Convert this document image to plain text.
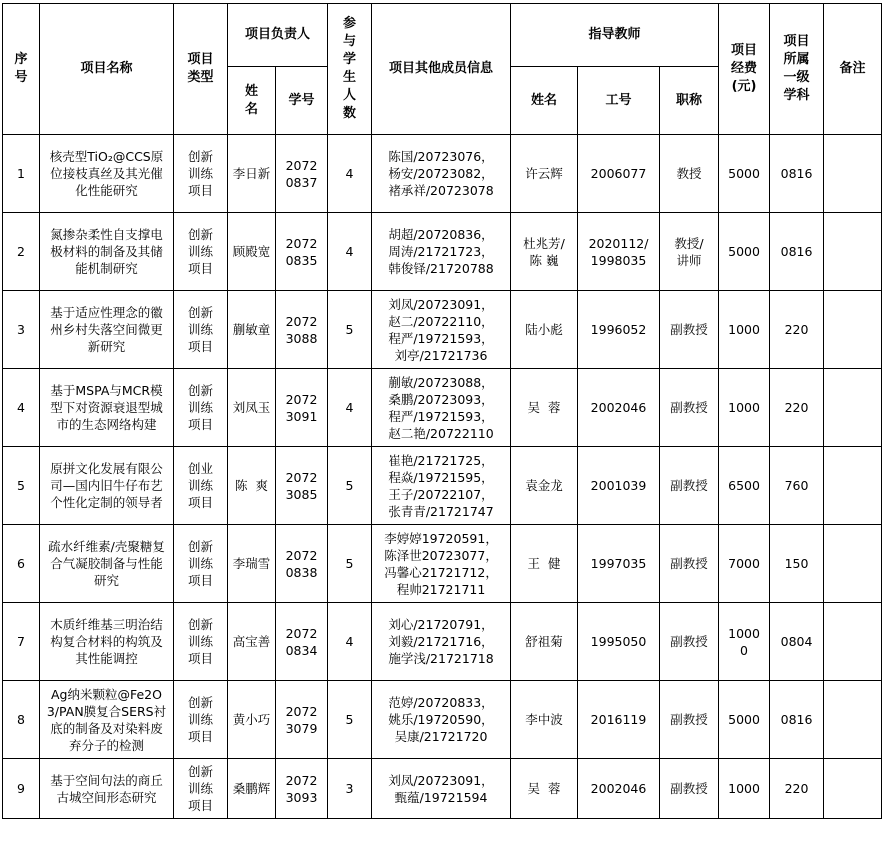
序号	项目名称	项目类型	项目负责人		参与学生人数	项目其他成员信息	指导教师			项目经费(元)	项目所属一级学科	备注
			姓名	学号			姓名	工号	职称			
1	核壳型TiO₂@CCS原位接枝真丝及其光催化性能研究	创新训练项目	李日新	20720837	4	陈国/20723076，
杨安/20723082，
褚承祥/20723078	许云辉	2006077	教授	5000	0816	
2	氮掺杂柔性自支撑电极材料的制备及其储能机制研究	创新训练项目	顾殿宽	20720835	4	胡超/20720836，
周涛/21721723，
韩俊铎/21720788	杜兆芳/陈 巍	2020112/1998035	教授/讲师	5000	0816	
3	基于适应性理念的徽州乡村失落空间微更新研究	创新训练项目	蒯敏童	20723088	5	刘凤/20723091，
赵二/20722110，
程严/19721593，
刘亭/21721736	陆小彪	1996052	副教授	1000	220	
4	基于MSPA与MCR模型下对资源衰退型城市的生态网络构建	创新训练项目	刘凤玉	20723091	4	蒯敏/20723088，
桑鹏/20723093，
程严/19721593，
赵二艳/20722110	吴  蓉	2002046	副教授	1000	220	
5	原拼文化发展有限公司—国内旧牛仔布艺个性化定制的领导者	创业训练项目	陈  爽	20723085	5	崔艳/21721725，
程焱/19721595，
王子/20722107，
张青青/21721747	袁金龙	2001039	副教授	6500	760	
6	疏水纤维素/壳聚糖复合气凝胶制备与性能研究	创新训练项目	李瑞雪	20720838	5	李婷婷19720591，
陈泽世20723077，
冯馨心21721712，
程帅21721711	王  健	1997035	副教授	7000	150	
7	木质纤维基三明治结构复合材料的构筑及其性能调控	创新训练项目	高宝善	20720834	4	刘心/21720791，
刘毅/21721716，
施学浅/21721718	舒祖菊	1995050	副教授	10000	0804	
8	Ag纳米颗粒@Fe2O3/PAN膜复合SERS衬底的制备及对染料废弃分子的检测	创新训练项目	黄小巧	20723079	5	范婷/20720833，
姚乐/19720590，
吴康/21721720	李中波	2016119	副教授	5000	0816	
9	基于空间句法的商丘古城空间形态研究	创新训练项目	桑鹏辉	20723093	3	刘凤/20723091，
甄蕴/19721594	吴  蓉	2002046	副教授	1000	220	
